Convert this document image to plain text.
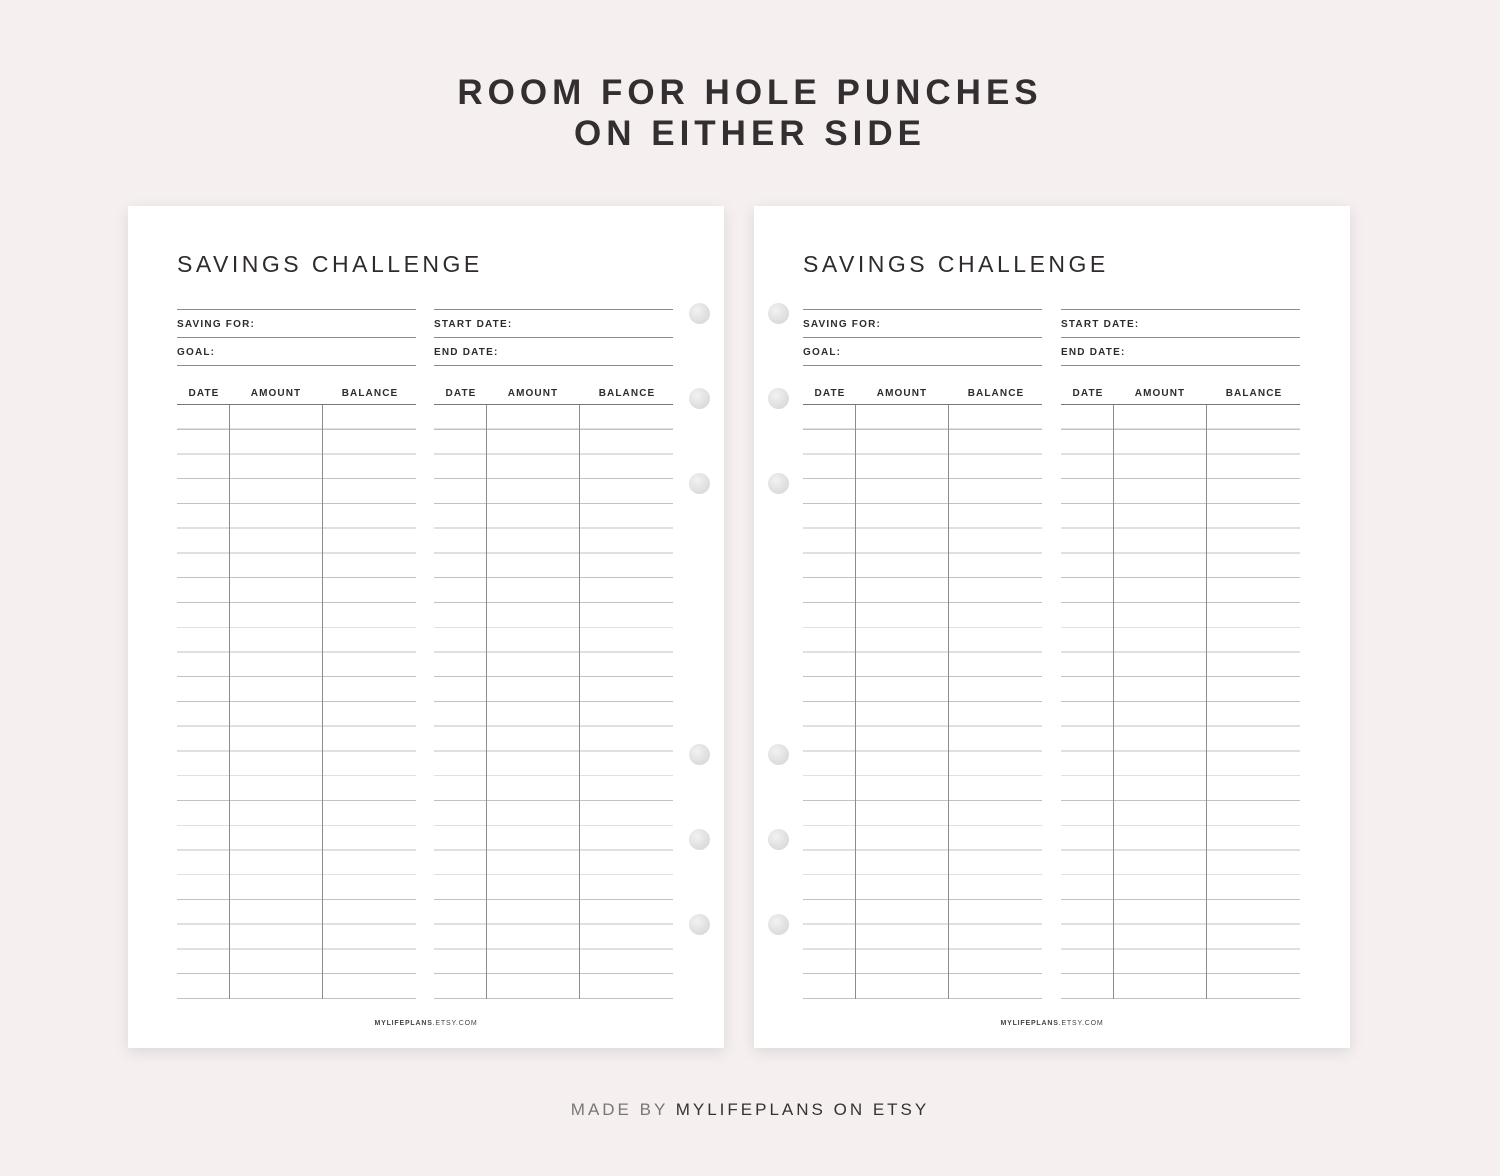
ROOM FOR HOLE PUNCHES
ON EITHER SIDE
SAVINGS CHALLENGE
SAVING FOR:
GOAL:
START DATE:
END DATE:
DATE	AMOUNT	BALANCE	DATE	AMOUNT	BALANCE
MYLIFEPLANS.ETSY.COM
SAVINGS CHALLENGE
SAVING FOR:
GOAL:
START DATE:
END DATE:
DATE	AMOUNT	BALANCE	DATE	AMOUNT	BALANCE
MYLIFEPLANS.ETSY.COM
MADE BY MYLIFEPLANS ON ETSY
